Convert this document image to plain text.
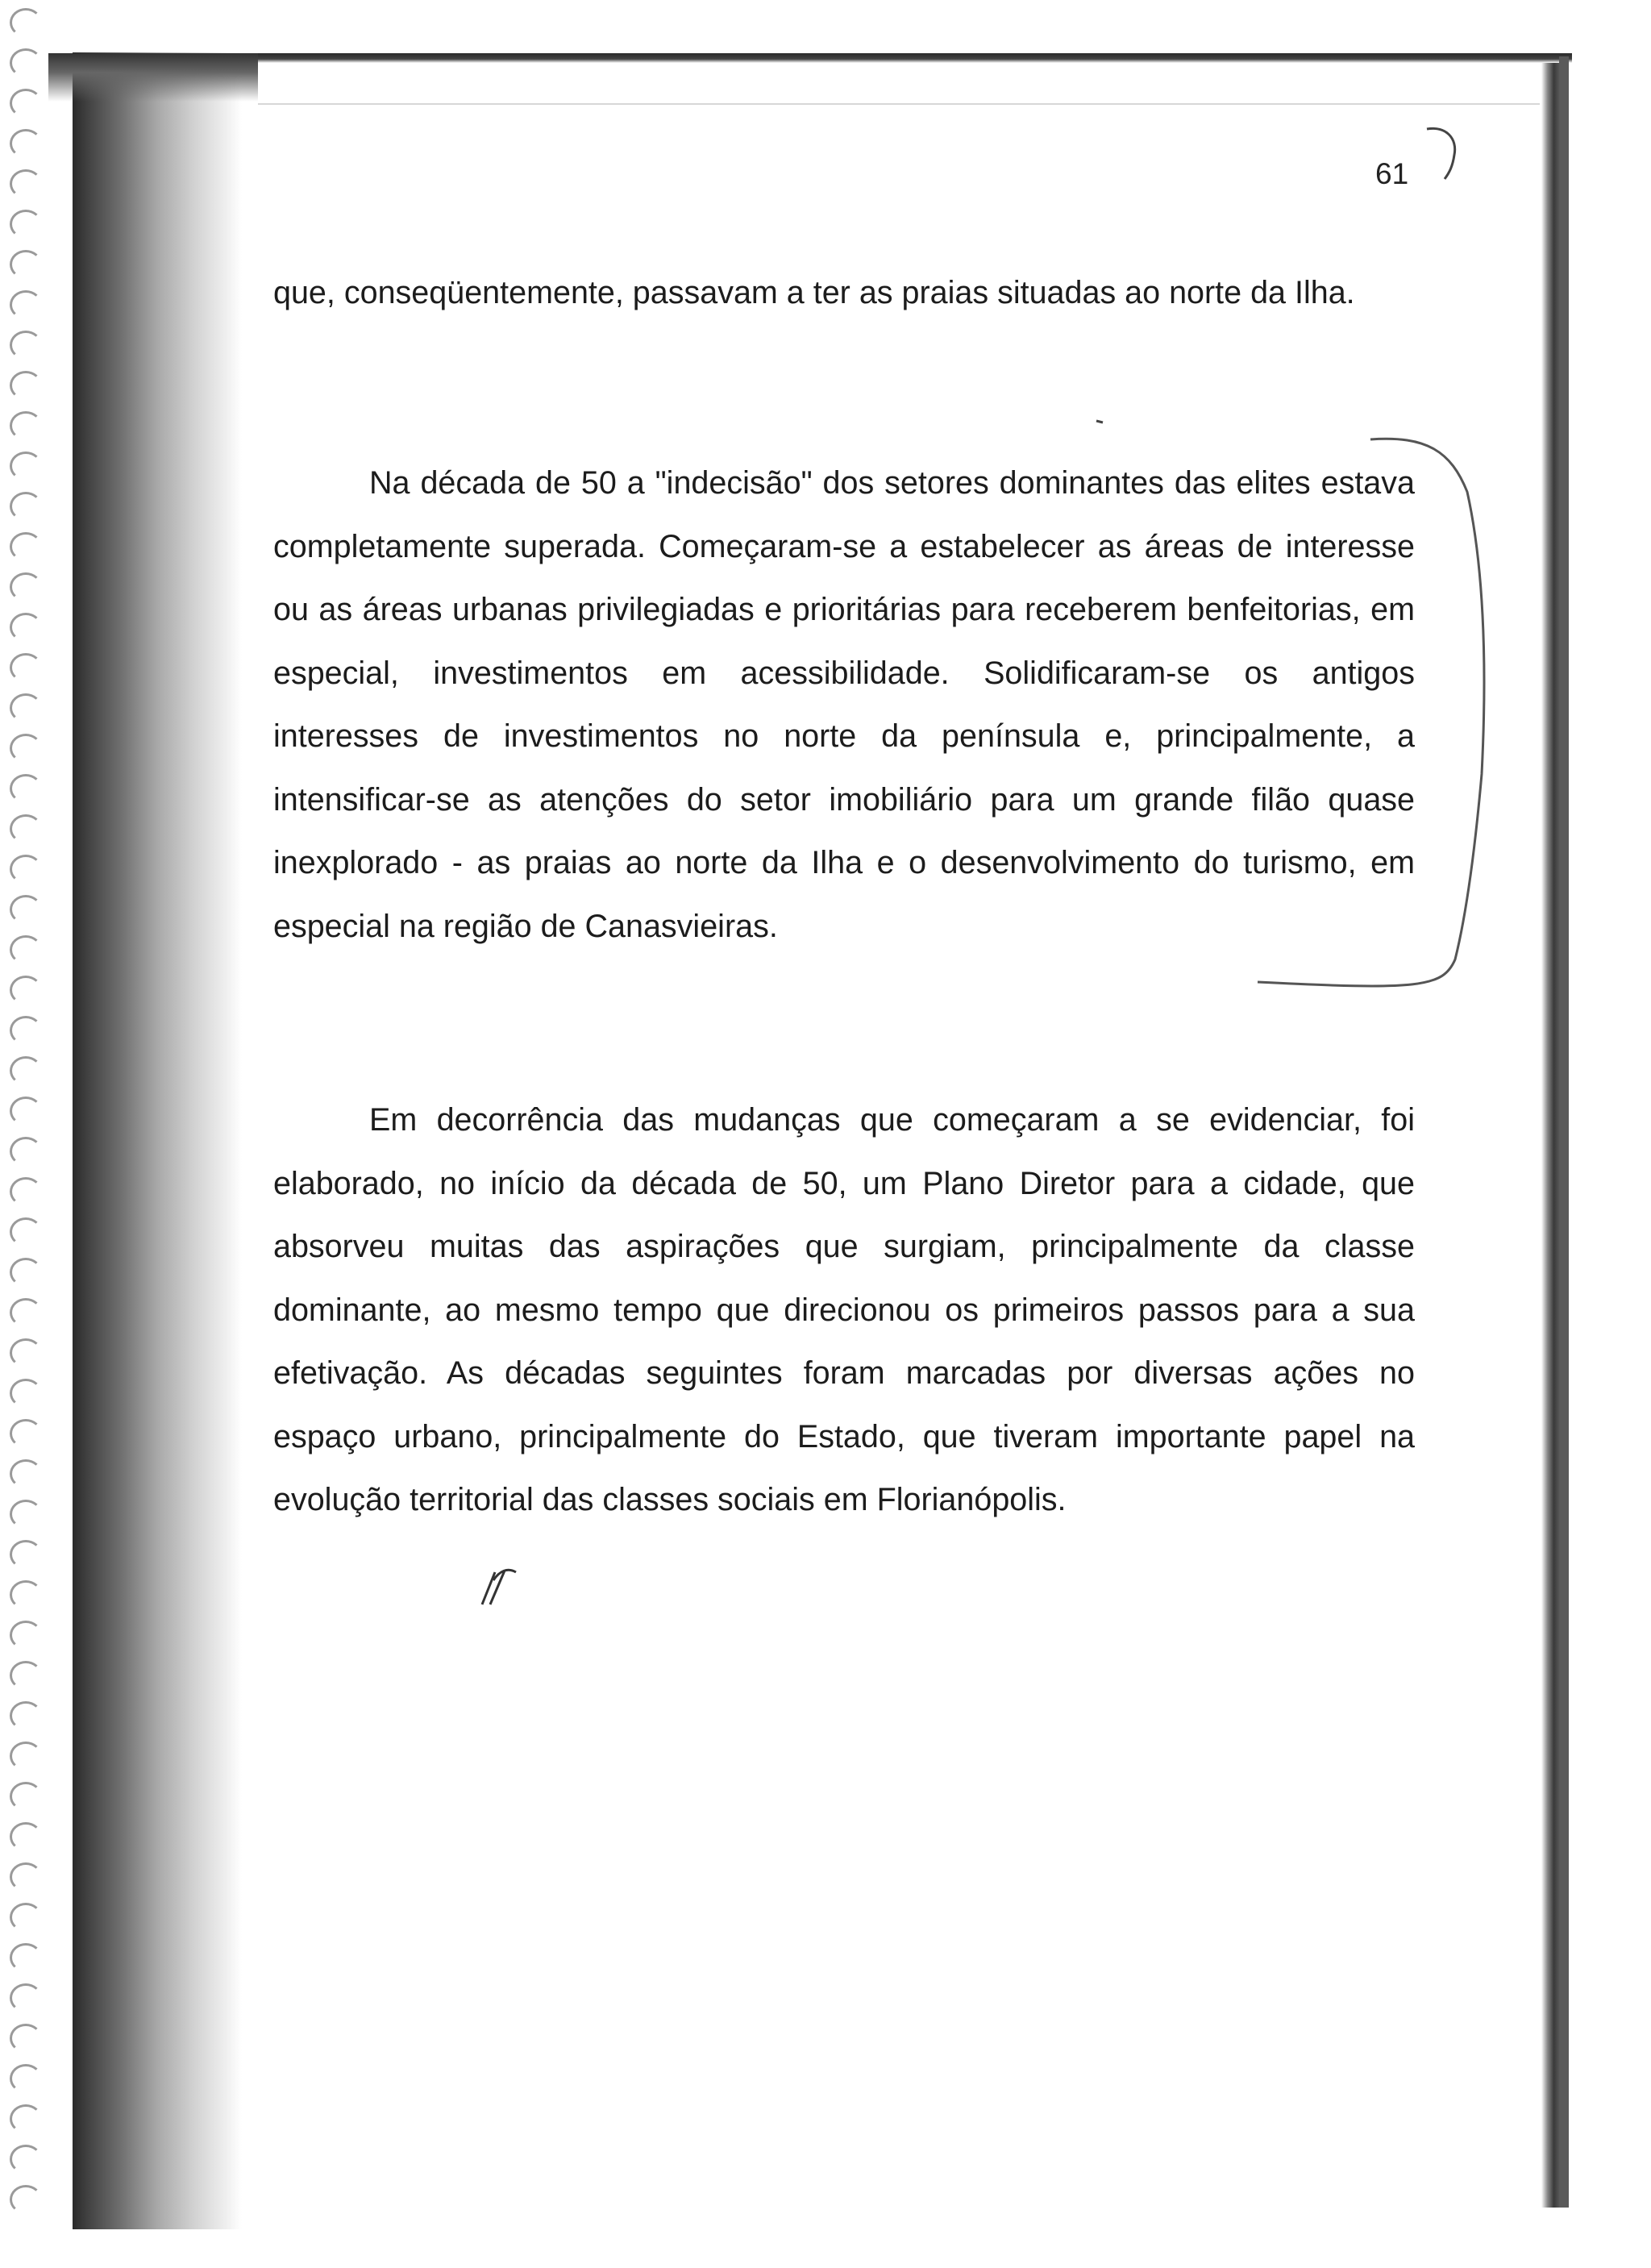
61
que, conseqüentemente, passavam a ter as praias situadas ao norte da Ilha.
Na década de 50 a "indecisão" dos setores dominantes das elites estava completamente superada. Começaram-se a estabelecer as áreas de interesse ou as áreas urbanas privilegiadas e prioritárias para receberem benfeitorias, em especial, investimentos em acessibilidade. Solidificaram-se os antigos interesses de investimentos no norte da península e, principalmente, a intensificar-se as atenções do setor imobiliário para um grande filão quase inexplorado - as praias ao norte da Ilha e o desenvolvimento do turismo, em especial na região de Canasvieiras.
Em decorrência das mudanças que começaram a se evidenciar, foi elaborado, no início da década de 50, um Plano Diretor para a cidade, que absorveu muitas das aspirações que surgiam, principalmente da classe dominante, ao mesmo tempo que direcionou os primeiros passos para a sua efetivação. As décadas seguintes foram marcadas por diversas ações no espaço urbano, principalmente do Estado, que tiveram importante papel na evolução territorial das classes sociais em Florianópolis.
